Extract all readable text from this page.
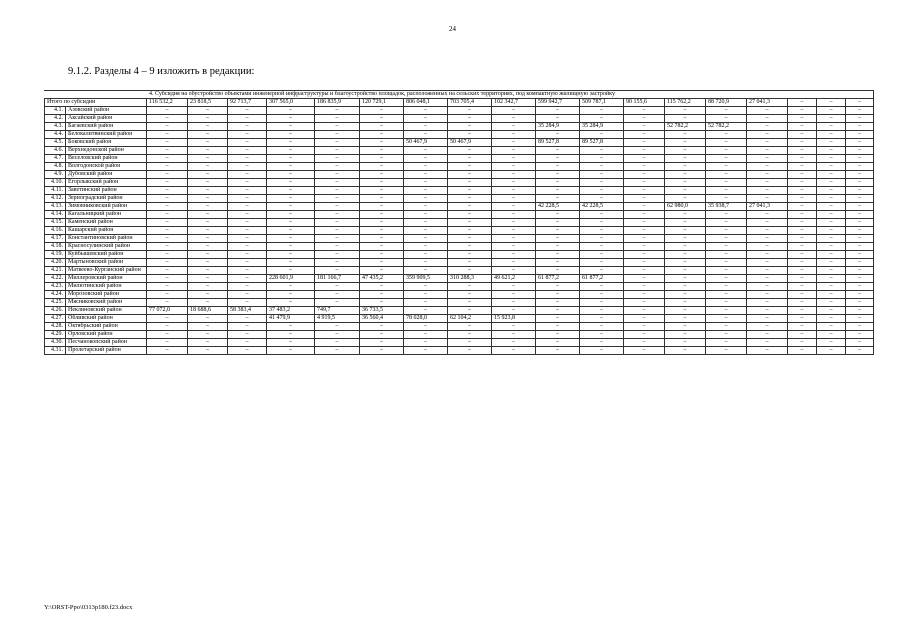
24
9.1.2. Разделы 4 – 9 изложить в редакции:
		4. Субсидия на обустройство объектами инженерной инфраструктуры и благоустройство площадок, расположенных на сельских территориях, под компактную жилищную застройку																	
Итого по субсидии		116 532,2	23 818,5	92 713,7	307 565,0	186 835,9	120 729,1	806 048,1	703 705,4	102 342,7	599 942,7	509 787,1	90 155,6	115 762,2	88 720,9	27 041,3	–	–	–
4.1.	Азовский район	–	–	–	–	–	–	–	–	–	–	–	–	–	–	–	–	–	–
4.2.	Аксайский район	–	–	–	–	–	–	–	–	–	–	–	–	–	–	–	–	–	–
4.3.	Багаевский район	–	–	–	–	–	–	–	–	–	35 284,9	35 284,9	–	52 782,2	52 782,2	–	–	–	–
4.4.	Белокалитвинский район	–	–	–	–	–	–	–	–	–	–	–	–	–	–	–	–	–	–
4.5.	Боковский район	–	–	–	–	–	–	50 467,9	50 467,9	–	89 527,8	89 527,8	–	–	–	–	–	–	–
4.6.	Верхнедонской район	–	–	–	–	–	–	–	–	–	–	–	–	–	–	–	–	–	–
4.7.	Веселовский район	–	–	–	–	–	–	–	–	–	–	–	–	–	–	–	–	–	–
4.8.	Волгодонской район	–	–	–	–	–	–	–	–	–	–	–	–	–	–	–	–	–	–
4.9.	Дубовский район	–	–	–	–	–	–	–	–	–	–	–	–	–	–	–	–	–	–
4.10.	Егорлыкский район	–	–	–	–	–	–	–	–	–	–	–	–	–	–	–	–	–	–
4.11.	Заветинский район	–	–	–	–	–	–	–	–	–	–	–	–	–	–	–	–	–	–
4.12.	Зерноградский район	–	–	–	–	–	–	–	–	–	–	–	–	–	–	–	–	–	–
4.13.	Зимовниковский район	–	–	–	–	–	–	–	–	–	42 228,5	42 228,5	–	62 980,0	35 938,7	27 041,3	–	–	–
4.14.	Кагальницкий район	–	–	–	–	–	–	–	–	–	–	–	–	–	–	–	–	–	–
4.15.	Каменский район	–	–	–	–	–	–	–	–	–	–	–	–	–	–	–	–	–	–
4.16.	Кашарский район	–	–	–	–	–	–	–	–	–	–	–	–	–	–	–	–	–	–
4.17.	Константиновский район	–	–	–	–	–	–	–	–	–	–	–	–	–	–	–	–	–	–
4.18.	Красносулинский район	–	–	–	–	–	–	–	–	–	–	–	–	–	–	–	–	–	–
4.19.	Куйбышевский район	–	–	–	–	–	–	–	–	–	–	–	–	–	–	–	–	–	–
4.20.	Мартыновский район	–	–	–	–	–	–	–	–	–	–	–	–	–	–	–	–	–	–
4.21.	Матвеево-Курганский район	–	–	–	–	–	–	–	–	–	–	–	–	–	–	–	–	–	–
4.22.	Миллеровский район	–	–	–	228 601,9	181 166,7	47 435,2	359 909,5	310 288,3	49 621,2	61 877,2	61 877,2	–	–	–	–	–	–	–
4.23.	Милютинский район	–	–	–	–	–	–	–	–	–	–	–	–	–	–	–	–	–	–
4.24.	Морозовский район	–	–	–	–	–	–	–	–	–	–	–	–	–	–	–	–	–	–
4.25.	Мясниковский район	–	–	–	–	–	–	–	–	–	–	–	–	–	–	–	–	–	–
4.26.	Неклиновский район	77 072,0	18 688,6	58 383,4	37 483,2	749,7	36 733,5	–	–	–	–	–	–	–	–	–	–	–	–
4.27.	Обливский район	–	–	–	41 479,9	4 919,5	36 560,4	78 028,0	62 104,2	15 923,8	–	–	–	–	–	–	–	–	–
4.28.	Октябрьский район	–	–	–	–	–	–	–	–	–	–	–	–	–	–	–	–	–	–
4.29.	Орловский район	–	–	–	–	–	–	–	–	–	–	–	–	–	–	–	–	–	–
4.30.	Песчанокопский район	–	–	–	–	–	–	–	–	–	–	–	–	–	–	–	–	–	–
4.31.	Пролетарский район	–	–	–	–	–	–	–	–	–	–	–	–	–	–	–	–	–	–
Y:\ORST-Ppo\0313p180.f23.docx
